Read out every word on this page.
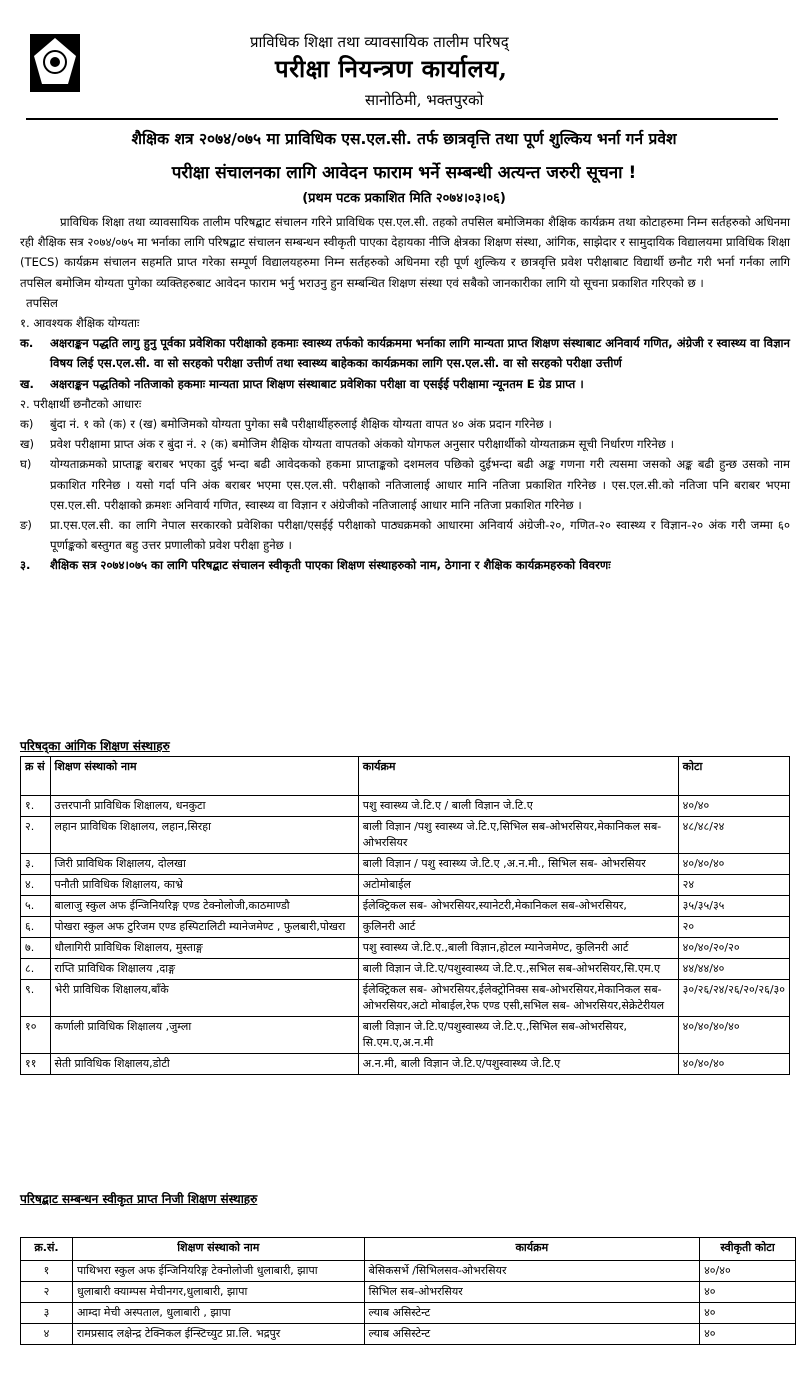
प्राविधिक शिक्षा तथा व्यावसायिक तालीम परिषद्
परीक्षा नियन्त्रण कार्यालय,
सानोठिमी, भक्तपुरको
शैक्षिक शत्र २०७४/०७५ मा प्राविधिक एस.एल.सी. तर्फ छात्रवृत्ति तथा पूर्ण शुल्किय भर्ना गर्न प्रवेश
परीक्षा संचालनका लागि आवेदन फाराम भर्ने सम्बन्धी अत्यन्त जरुरी सूचना !
(प्रथम पटक प्रकाशित मिति २०७४।०३।०६)

प्राविधिक शिक्षा तथा व्यावसायिक तालीम परिषद्बाट संचालन गरिने प्राविधिक एस.एल.सी. तहको तपसिल बमोजिमका शैक्षिक कार्यक्रम तथा कोटाहरुमा निम्न सर्तहरुको अधिनमा रही शैक्षिक सत्र २०७४/०७५ मा भर्नाका लागि परिषद्बाट संचालन सम्बन्धन स्वीकृती पाएका देहायका नीजि क्षेत्रका शिक्षण संस्था, आंगिक, साझेदार र सामुदायिक विद्यालयमा प्राविधिक शिक्षा (TECS) कार्यक्रम संचालन सहमति प्राप्त गरेका सम्पूर्ण विद्यालयहरुमा निम्न सर्तहरुको अधिनमा रही पूर्ण शुल्किय र छात्रवृत्ति प्रवेश परीक्षाबाट विद्यार्थी छनौट गरी भर्ना गर्नका लागि तपसिल बमोजिम योग्यता पुगेका व्यक्तिहरुबाट आवेदन फाराम भर्नु भराउनु हुन सम्बन्धित शिक्षण संस्था एवं सबैको जानकारीका लागि यो सूचना प्रकाशित गरिएको छ ।

तपसिल

१. आवश्यक शैक्षिक योग्यताः

क. अक्षराङ्कन पद्धति लागु हुनु पूर्वका प्रवेशिका परीक्षाको हकमाः स्वास्थ्य तर्फको कार्यक्रममा भर्नाका लागि मान्यता प्राप्त शिक्षण संस्थाबाट अनिवार्य गणित, अंग्रेजी र स्वास्थ्य वा विज्ञान विषय लिई एस.एल.सी. वा सो सरहको परीक्षा उत्तीर्ण तथा स्वास्थ्य बाहेकका कार्यक्रमका लागि एस.एल.सी. वा सो सरहको परीक्षा उत्तीर्ण
ख. अक्षराङ्कन पद्धतिको नतिजाको हकमाः मान्यता प्राप्त शिक्षण संस्थाबाट प्रवेशिका परीक्षा वा एसईई परीक्षामा न्यूनतम E ग्रेड प्राप्त ।

२. परीक्षार्थी छनौटको आधारः

क) बुंदा नं. १ को (क) र (ख) बमोजिमको योग्यता पुगेका सबै परीक्षार्थीहरुलाई शैक्षिक योग्यता वापत ४० अंक प्रदान गरिनेछ ।
ख) प्रवेश परीक्षामा प्राप्त अंक र बुंदा नं. २ (क) बमोजिम शैक्षिक योग्यता वापतको अंकको योगफल अनुसार परीक्षार्थीको योग्यताक्रम सूची निर्धारण गरिनेछ ।
घ) योग्यताक्रमको प्राप्ताङ्क बराबर भएका दुई भन्दा बढी आवेदकको हकमा प्राप्ताङ्कको दशमलव पछिको दुईभन्दा बढी अङ्क गणना गरी त्यसमा जसको अङ्क बढी हुन्छ उसको नाम प्रकाशित गरिनेछ । यसो गर्दा पनि अंक बराबर भएमा एस.एल.सी. परीक्षाको नतिजालाई आधार मानि नतिजा प्रकाशित गरिनेछ । एस.एल.सी.को नतिजा पनि बराबर भएमा एस.एल.सी. परीक्षाको क्रमशः अनिवार्य गणित, स्वास्थ्य वा विज्ञान र अंग्रेजीको नतिजालाई आधार मानि नतिजा प्रकाशित गरिनेछ ।
ङ) प्रा.एस.एल.सी. का लागि नेपाल सरकारको प्रवेशिका परीक्षा/एसईई परीक्षाको पाठ्यक्रमको आधारमा अनिवार्य अंग्रेजी-२०, गणित-२० स्वास्थ्य र विज्ञान-२० अंक गरी जम्मा ६० पूर्णाङ्कको बस्तुगत बहु उत्तर प्रणालीको प्रवेश परीक्षा हुनेछ ।
३. शैक्षिक सत्र २०७४।०७५ का लागि परिषद्बाट संचालन स्वीकृती पाएका शिक्षण संस्थाहरुको नाम, ठेगाना र शैक्षिक कार्यक्रमहरुको विवरणः
परिषद्का आंगिक शिक्षण संस्थाहरु
क्र सं	शिक्षण संस्थाको नाम	कार्यक्रम	कोटा
१.	उत्तरपानी प्राविधिक शिक्षालय, धनकुटा	पशु स्वास्थ्य जे.टि.ए / बाली विज्ञान जे.टि.ए	४०/४०
२.	लहान प्राविधिक शिक्षालय, लहान,सिरहा	बाली विज्ञान /पशु स्वास्थ्य जे.टि.ए,सिभिल सब-ओभरसियर,मेकानिकल सब- ओभरसियर	४८/४८/२४
३.	जिरी प्राविधिक शिक्षालय, दोलखा	बाली विज्ञान / पशु स्वास्थ्य जे.टि.ए ,अ.न.मी., सिभिल सब- ओभरसियर	४०/४०/४०
४.	पनौती प्राविधिक शिक्षालय, काभ्रे	अटोमोबाईल	२४
५.	बालाजु स्कुल अफ ईन्जिनियरिङ्ग एण्ड टेक्नोलोजी,काठमाण्डौ	ईलेक्ट्रिकल सब- ओभरसियर,स्यानेटरी,मेकानिकल सब-ओभरसियर,	३५/३५/३५
६.	पोखरा स्कुल अफ टुरिजम एण्ड हस्पिटालिटी म्यानेजमेण्ट , फुलबारी,पोखरा	कुलिनरी आर्ट	२०
७.	धौलागिरी प्राविधिक शिक्षालय, मुस्ताङ्ग	पशु स्वास्थ्य जे.टि.ए.,बाली विज्ञान,होटल म्यानेजमेण्ट, कुलिनरी आर्ट	४०/४०/२०/२०
८.	राप्ति प्राविधिक शिक्षालय ,दाङ्ग	बाली विज्ञान जे.टि.ए/पशुस्वास्थ्य जे.टि.ए.,सभिल सब-ओभरसियर,सि.एम.ए	४४/४४/४०
९.	भेरी प्राविधिक शिक्षालय,बाँके	ईलेक्ट्रिकल सब- ओभरसियर,ईलेक्ट्रोनिक्स सब-ओभरसियर,मेकानिकल सब- ओभरसियर,अटो मोबाईल,रेफ एण्ड एसी,सभिल सब- ओभरसियर,सेक्रेटेरीयल	३०/२६/२४/२६/२०/२६/३०
१०	कर्णाली प्राविधिक शिक्षालय ,जुम्ला	बाली विज्ञान जे.टि.ए/पशुस्वास्थ्य जे.टि.ए.,सिभिल सब-ओभरसियर, सि.एम.ए,अ.न.मी	४०/४०/४०/४०
११	सेती प्राविधिक शिक्षालय,डोटी	अ.न.मी, बाली विज्ञान जे.टि.ए/पशुस्वास्थ्य जे.टि.ए	४०/४०/४०
परिषद्बाट सम्बन्धन स्वीकृत प्राप्त निजी शिक्षण संस्थाहरु
क्र.सं.	शिक्षण संस्थाको नाम	कार्यक्रम	स्वीकृती कोटा
१	पाथिभरा स्कुल अफ ईन्जिनियरिङ्ग टेक्नोलोजी धुलाबारी, झापा	बेसिकसर्भे /सिभिलसव-ओभरसियर	४०/४०
२	धुलाबारी क्याम्पस मेचीनगर,धुलाबारी, झापा	सिभिल सब-ओभरसियर	४०
३	आम्दा मेची अस्पताल, धुलाबारी , झापा	ल्याब असिस्टेन्ट	४०
४	रामप्रसाद लक्षेन्द्र टेक्निकल ईन्स्टिच्युट प्रा.लि. भद्रपुर	ल्याब असिस्टेन्ट	४०
